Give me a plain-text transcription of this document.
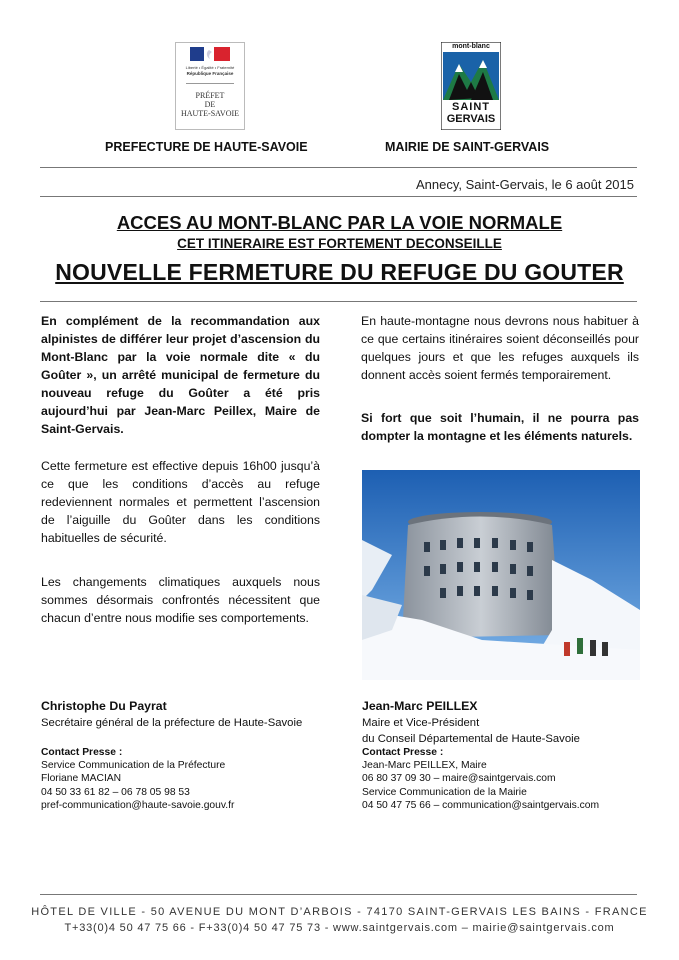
Liberté • Égalité • Fraternité
République Française
PRÉFET
DE
HAUTE-SAVOIE
mont-blanc
SAINT
GERVAIS
PREFECTURE DE HAUTE-SAVOIE	MAIRIE DE SAINT-GERVAIS
Annecy, Saint-Gervais, le 6 août 2015
ACCES AU MONT-BLANC PAR LA VOIE NORMALE
CET ITINERAIRE EST FORTEMENT DECONSEILLE
NOUVELLE FERMETURE DU REFUGE DU GOUTER
En complément de la recommandation aux alpinistes de différer leur projet d’ascension du Mont-Blanc par la voie normale dite « du Goûter », un arrêté municipal de fermeture du nouveau refuge du Goûter a été pris aujourd’hui par Jean-Marc Peillex, Maire de Saint-Gervais.
Cette fermeture est effective depuis 16h00 jusqu’à ce que les conditions d’accès au refuge redeviennent normales et permettent l’ascension de l’aiguille du Goûter dans les conditions habituelles de sécurité.
Les changements climatiques auxquels nous sommes désormais confrontés nécessitent que chacun d’entre nous modifie ses comportements.
En haute-montagne nous devrons nous habituer à ce que certains itinéraires soient déconseillés pour quelques jours et que les refuges auxquels ils donnent accès soient fermés temporairement.
Si fort que soit l’humain, il ne pourra pas dompter la montagne et les éléments naturels.
Christophe Du Payrat
Secrétaire général de la préfecture de Haute-Savoie
Jean-Marc PEILLEX
Maire et Vice-Président
du Conseil Départemental de Haute-Savoie
Contact Presse :
Service Communication de la Préfecture
Floriane MACIAN
04 50 33 61 82 – 06 78 05 98 53
pref-communication@haute-savoie.gouv.fr
Contact Presse :
Jean-Marc PEILLEX, Maire
06 80 37 09 30 – maire@saintgervais.com
Service Communication de la Mairie
04 50 47 75 66 – communication@saintgervais.com
HÔTEL DE VILLE - 50 AVENUE DU MONT D’ARBOIS - 74170 SAINT-GERVAIS LES BAINS - FRANCE
T+33(0)4 50 47 75 66 - F+33(0)4 50 47 75 73 - www.saintgervais.com – mairie@saintgervais.com
